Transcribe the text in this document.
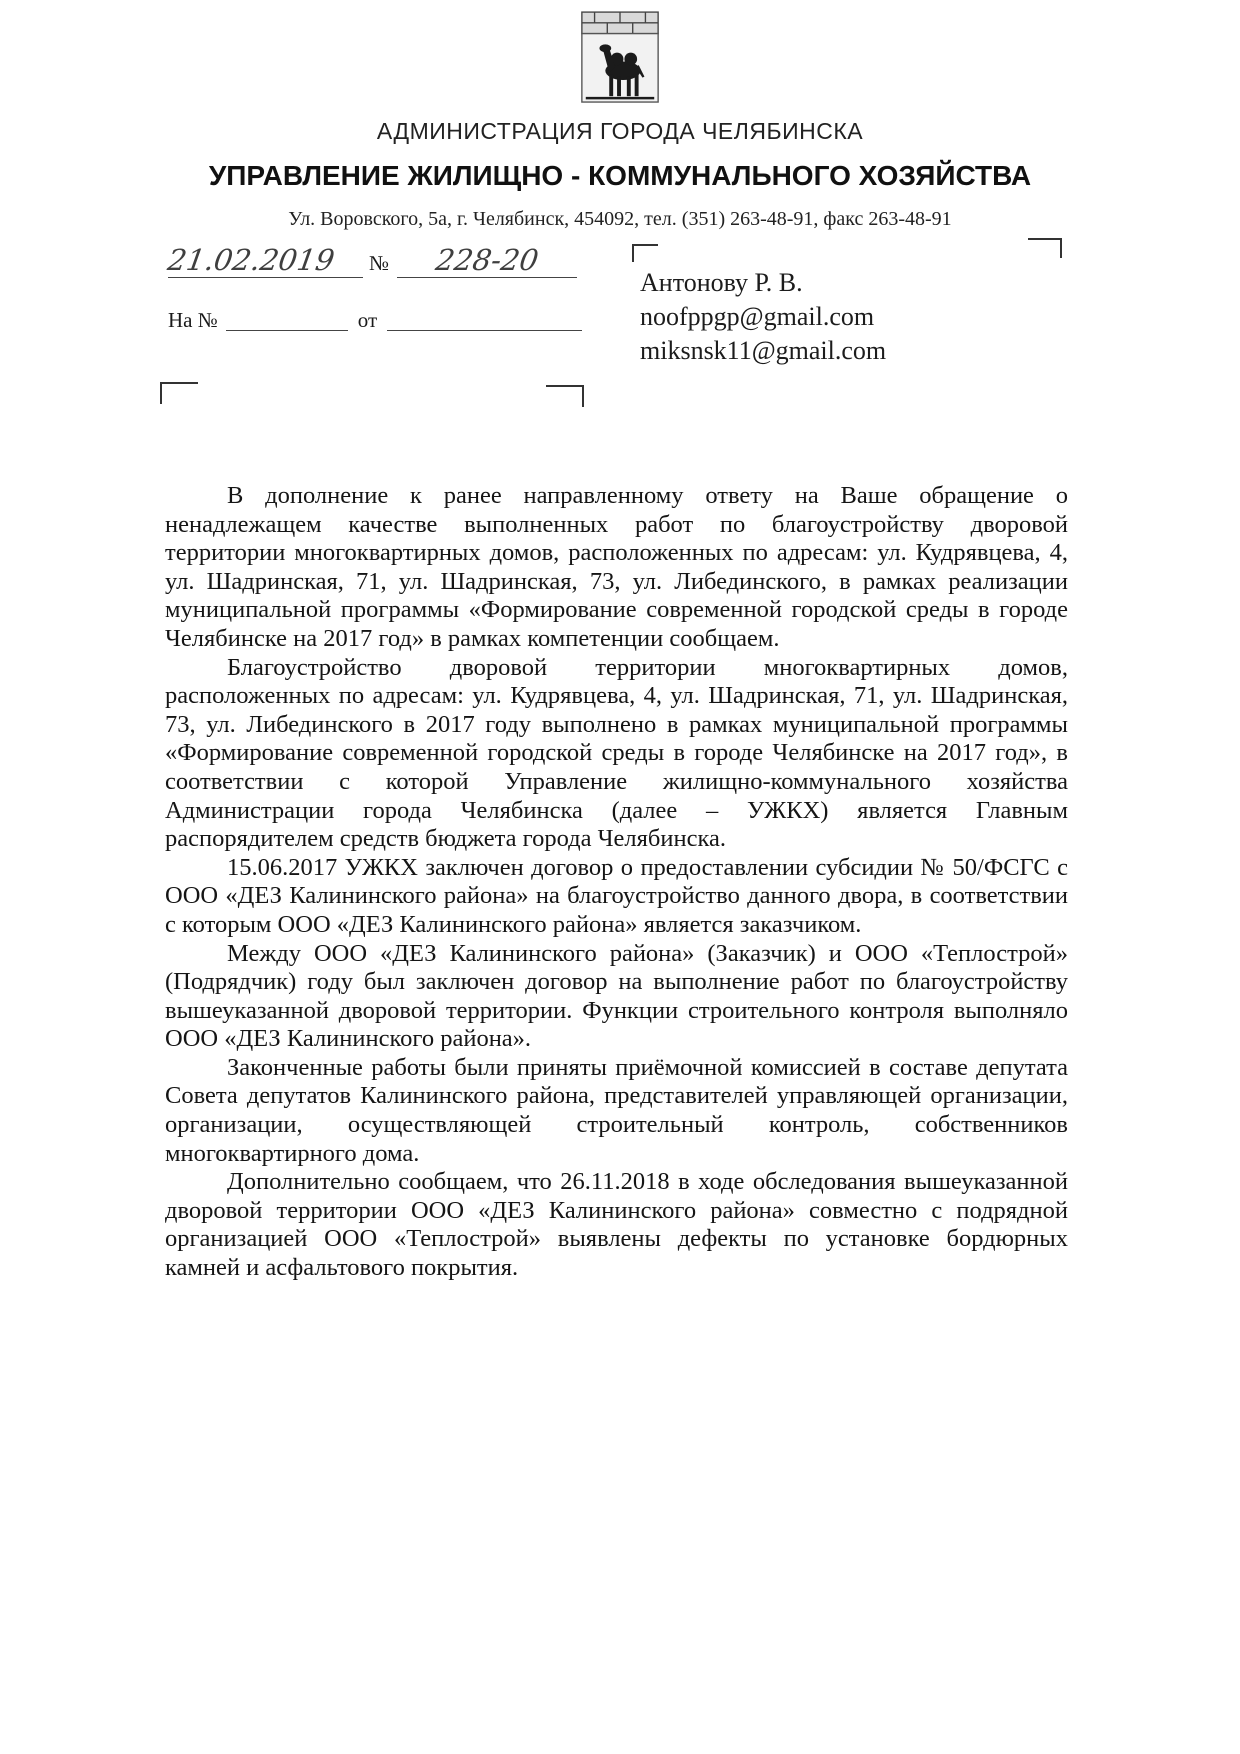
АДМИНИСТРАЦИЯ ГОРОДА ЧЕЛЯБИНСКА
УПРАВЛЕНИЕ ЖИЛИЩНО - КОММУНАЛЬНОГО ХОЗЯЙСТВА
Ул. Воровского, 5а, г. Челябинск, 454092, тел. (351) 263-48-91, факс 263-48-91
21.02.2019	№	228-20
На №	от
Антонову Р. В.
noofppgp@gmail.com
miksnsk11@gmail.com

В дополнение к ранее направленному ответу на Ваше обращение о ненадлежащем качестве выполненных работ по благоустройству дворовой территории многоквартирных домов, расположенных по адресам: ул. Кудрявцева, 4, ул. Шадринская, 71, ул. Шадринская, 73, ул. Либединского, в рамках реализации муниципальной программы «Формирование современной городской среды в городе Челябинске на 2017 год» в рамках компетенции сообщаем.

Благоустройство дворовой территории многоквартирных домов, расположенных по адресам: ул. Кудрявцева, 4, ул. Шадринская, 71, ул. Шадринская, 73, ул. Либединского в 2017 году выполнено в рамках муниципальной программы «Формирование современной городской среды в городе Челябинске на 2017 год», в соответствии с которой Управление жилищно-коммунального хозяйства Администрации города Челябинска (далее – УЖКХ) является Главным распорядителем средств бюджета города Челябинска.

15.06.2017 УЖКХ заключен договор о предоставлении субсидии № 50/ФСГС с ООО «ДЕЗ Калининского района» на благоустройство данного двора, в соответствии с которым ООО «ДЕЗ Калининского района» является заказчиком.

Между ООО «ДЕЗ Калининского района» (Заказчик) и ООО «Теплострой» (Подрядчик) году был заключен договор на выполнение работ по благоустройству вышеуказанной дворовой территории. Функции строительного контроля выполняло ООО «ДЕЗ Калининского района».

Законченные работы были приняты приёмочной комиссией в составе депутата Совета депутатов Калининского района, представителей управляющей организации, организации, осуществляющей строительный контроль, собственников многоквартирного дома.

Дополнительно сообщаем, что 26.11.2018 в ходе обследования вышеуказанной дворовой территории ООО «ДЕЗ Калининского района» совместно с подрядной организацией ООО «Теплострой» выявлены дефекты по установке бордюрных камней и асфальтового покрытия.
